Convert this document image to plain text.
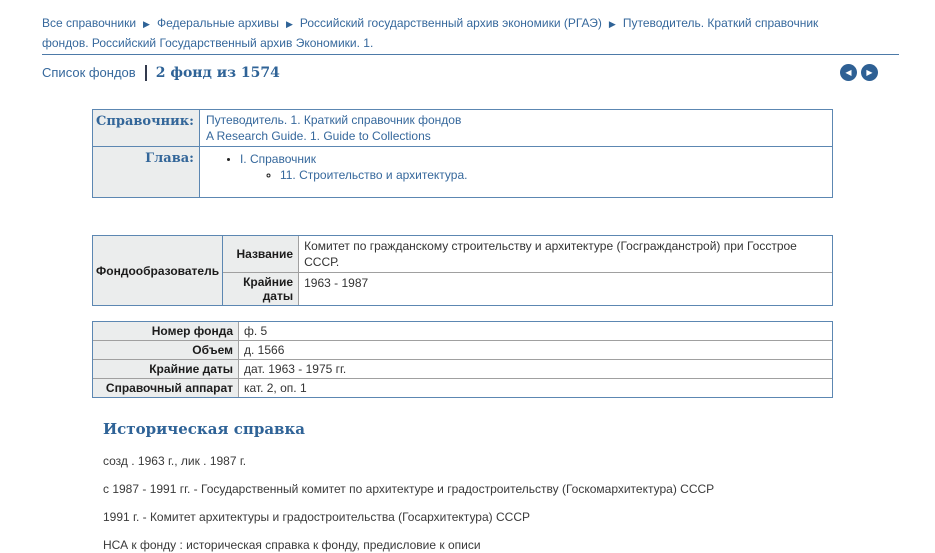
Все справочники ▶ Федеральные архивы ▶ Российский государственный архив экономики (РГАЭ) ▶ Путеводитель. Краткий справочник фондов. Российский Государственный архив Экономики. 1.
Список фондов 2 фонд из 1574	◀ ▶
Справочник:	Путеводитель. 1. Краткий справочник фондов
A Research Guide. 1. Guide to Collections

Глава:	
•I. Справочник
◦ 11. Строительство и архитектура.
Фондообразователь	Название	Комитет по гражданскому строительству и архитектуре (Госгражданстрой) при Госстрое СССР.
	Крайние даты	1963 - 1987
Номер фонда	ф. 5
Объем	д. 1566
Крайние даты	дат. 1963 - 1975 гг.
Справочный аппарат	кат. 2, оп. 1
Историческая справка

созд . 1963 г., лик . 1987 г.

с 1987 - 1991 гг. - Государственный комитет по архитектуре и градостроительству (Госкомархитектура) СССР

1991 г. - Комитет архитектуры и градостроительства (Госархитектура) СССР

НСА к фонду : историческая справка к фонду, предисловие к описи
